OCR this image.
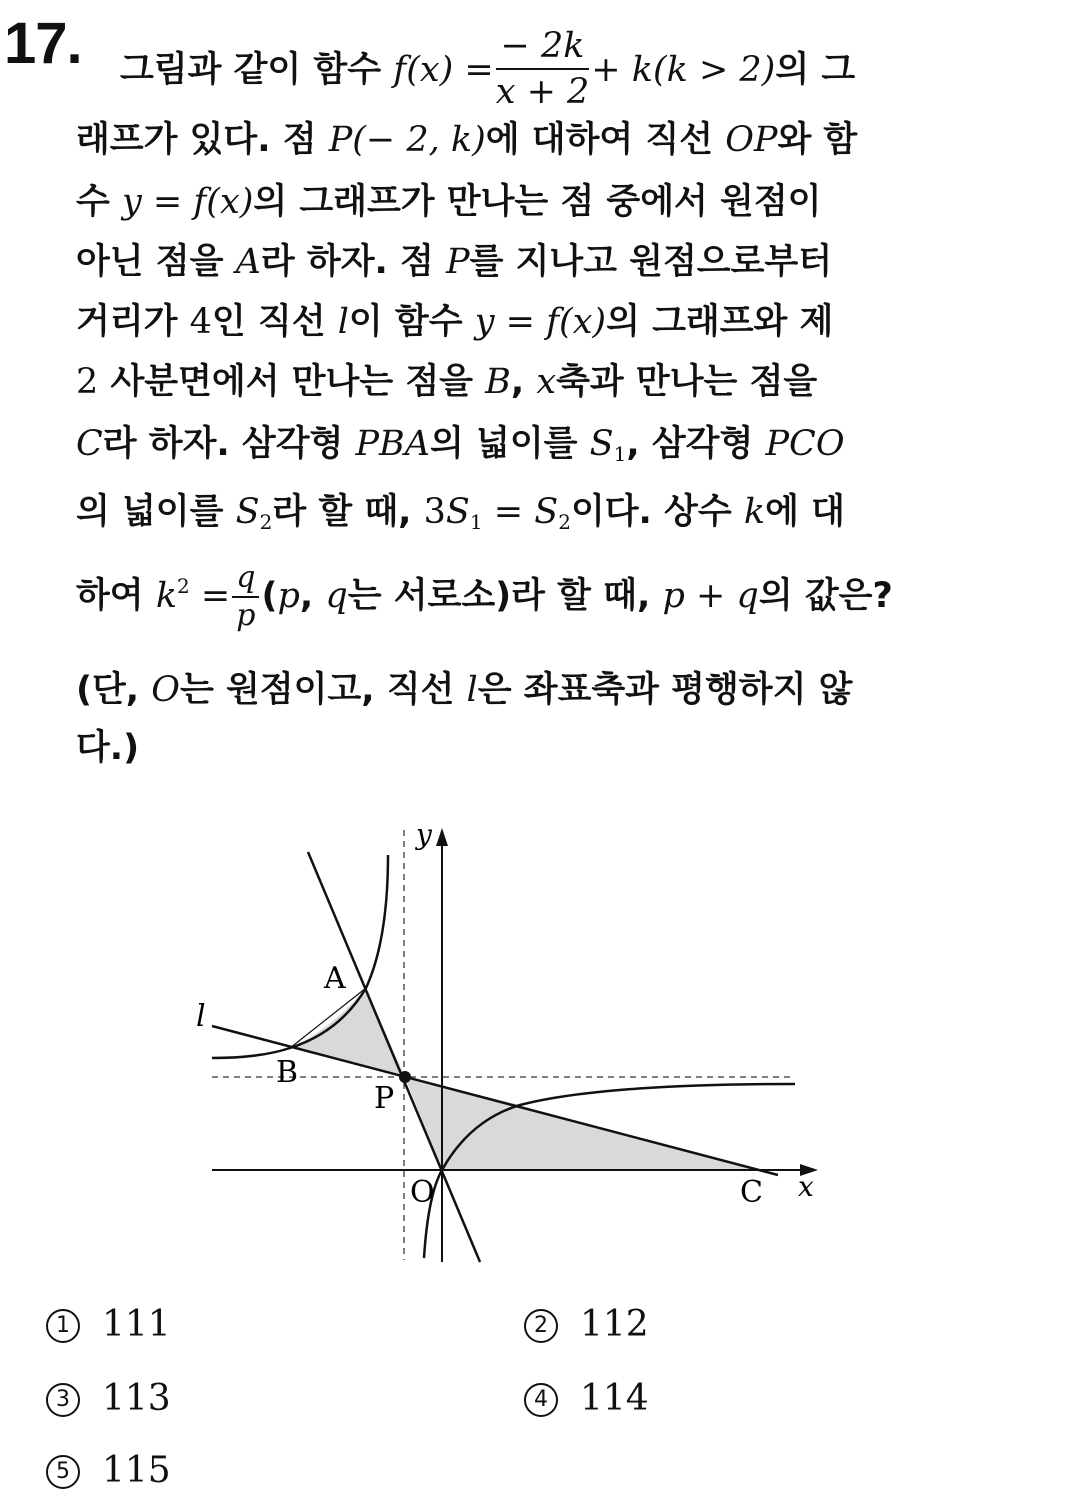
17. 그림과 같이 함수 $f(x) = \frac{- 2k}{x + 2} + k(k > 2)$의 그
래프가 있다. 점 P(− 2, k)에 대하여 직선 OP와 함
수 y = f(x)의 그래프가 만나는 점 중에서 원점이
아닌 점을 A라 하자. 점 P를 지나고 원점으로부터
거리가 4인 직선 l이 함수 y = f(x)의 그래프와 제
2 사분면에서 만나는 점을 B, x축과 만나는 점을
C라 하자. 삼각형 PBA의 넓이를 $S_1$, 삼각형 PCO
의 넓이를 $S_2$라 할 때, $3S_1 = S_2$이다. 상수 k에 대
하여 $k^2 = \frac{q}{p} (p$, q는 서로소)라 할 때, p + q의 값은?
(단, O는 원점이고, 직선 l은 좌표축과 평행하지 않
다.)
y
x
l
A
B
P
O	C
1 111	2 112
3 113	4 114
5 115
